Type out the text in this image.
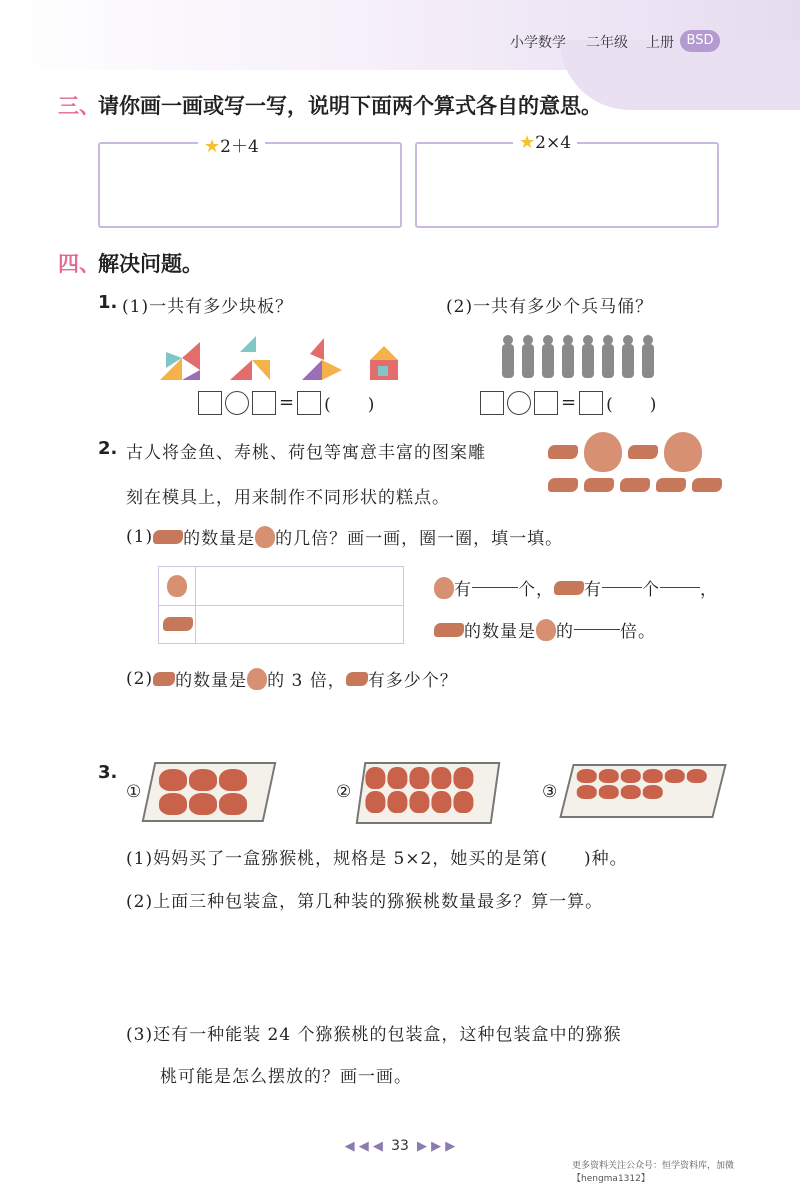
小学数学 二年级 上册 BSD
三、
请你画一画或写一写，说明下面两个算式各自的意思。
★2＋4	★2×4
四、
解决问题。
1. (1)一共有多少块板？	(2)一共有多少个兵马俑？
= (　　)	= (　　)
2. 古人将金鱼、寿桃、荷包等寓意丰富的图案雕
刻在模具上，用来制作不同形状的糕点。
(1) 的数量是 的几倍？画一画，圈一圈，填一填。
有	个， 有 个 ，
的数量是 的	倍。
(2) 的数量是 的 3 倍， 有多少个？
3.
①	②	③
(1)妈妈买了一盒猕猴桃，规格是 5×2，她买的是第(　　)种。
(2)上面三种包装盒，第几种装的猕猴桃数量最多？算一算。
(3)还有一种能装 24 个猕猴桃的包装盒，这种包装盒中的猕猴
桃可能是怎么摆放的？画一画。
◀ ◀ ◀ 33 ▶ ▶ ▶
更多资料关注公众号：恒学资料库，加微【hengma1312】
